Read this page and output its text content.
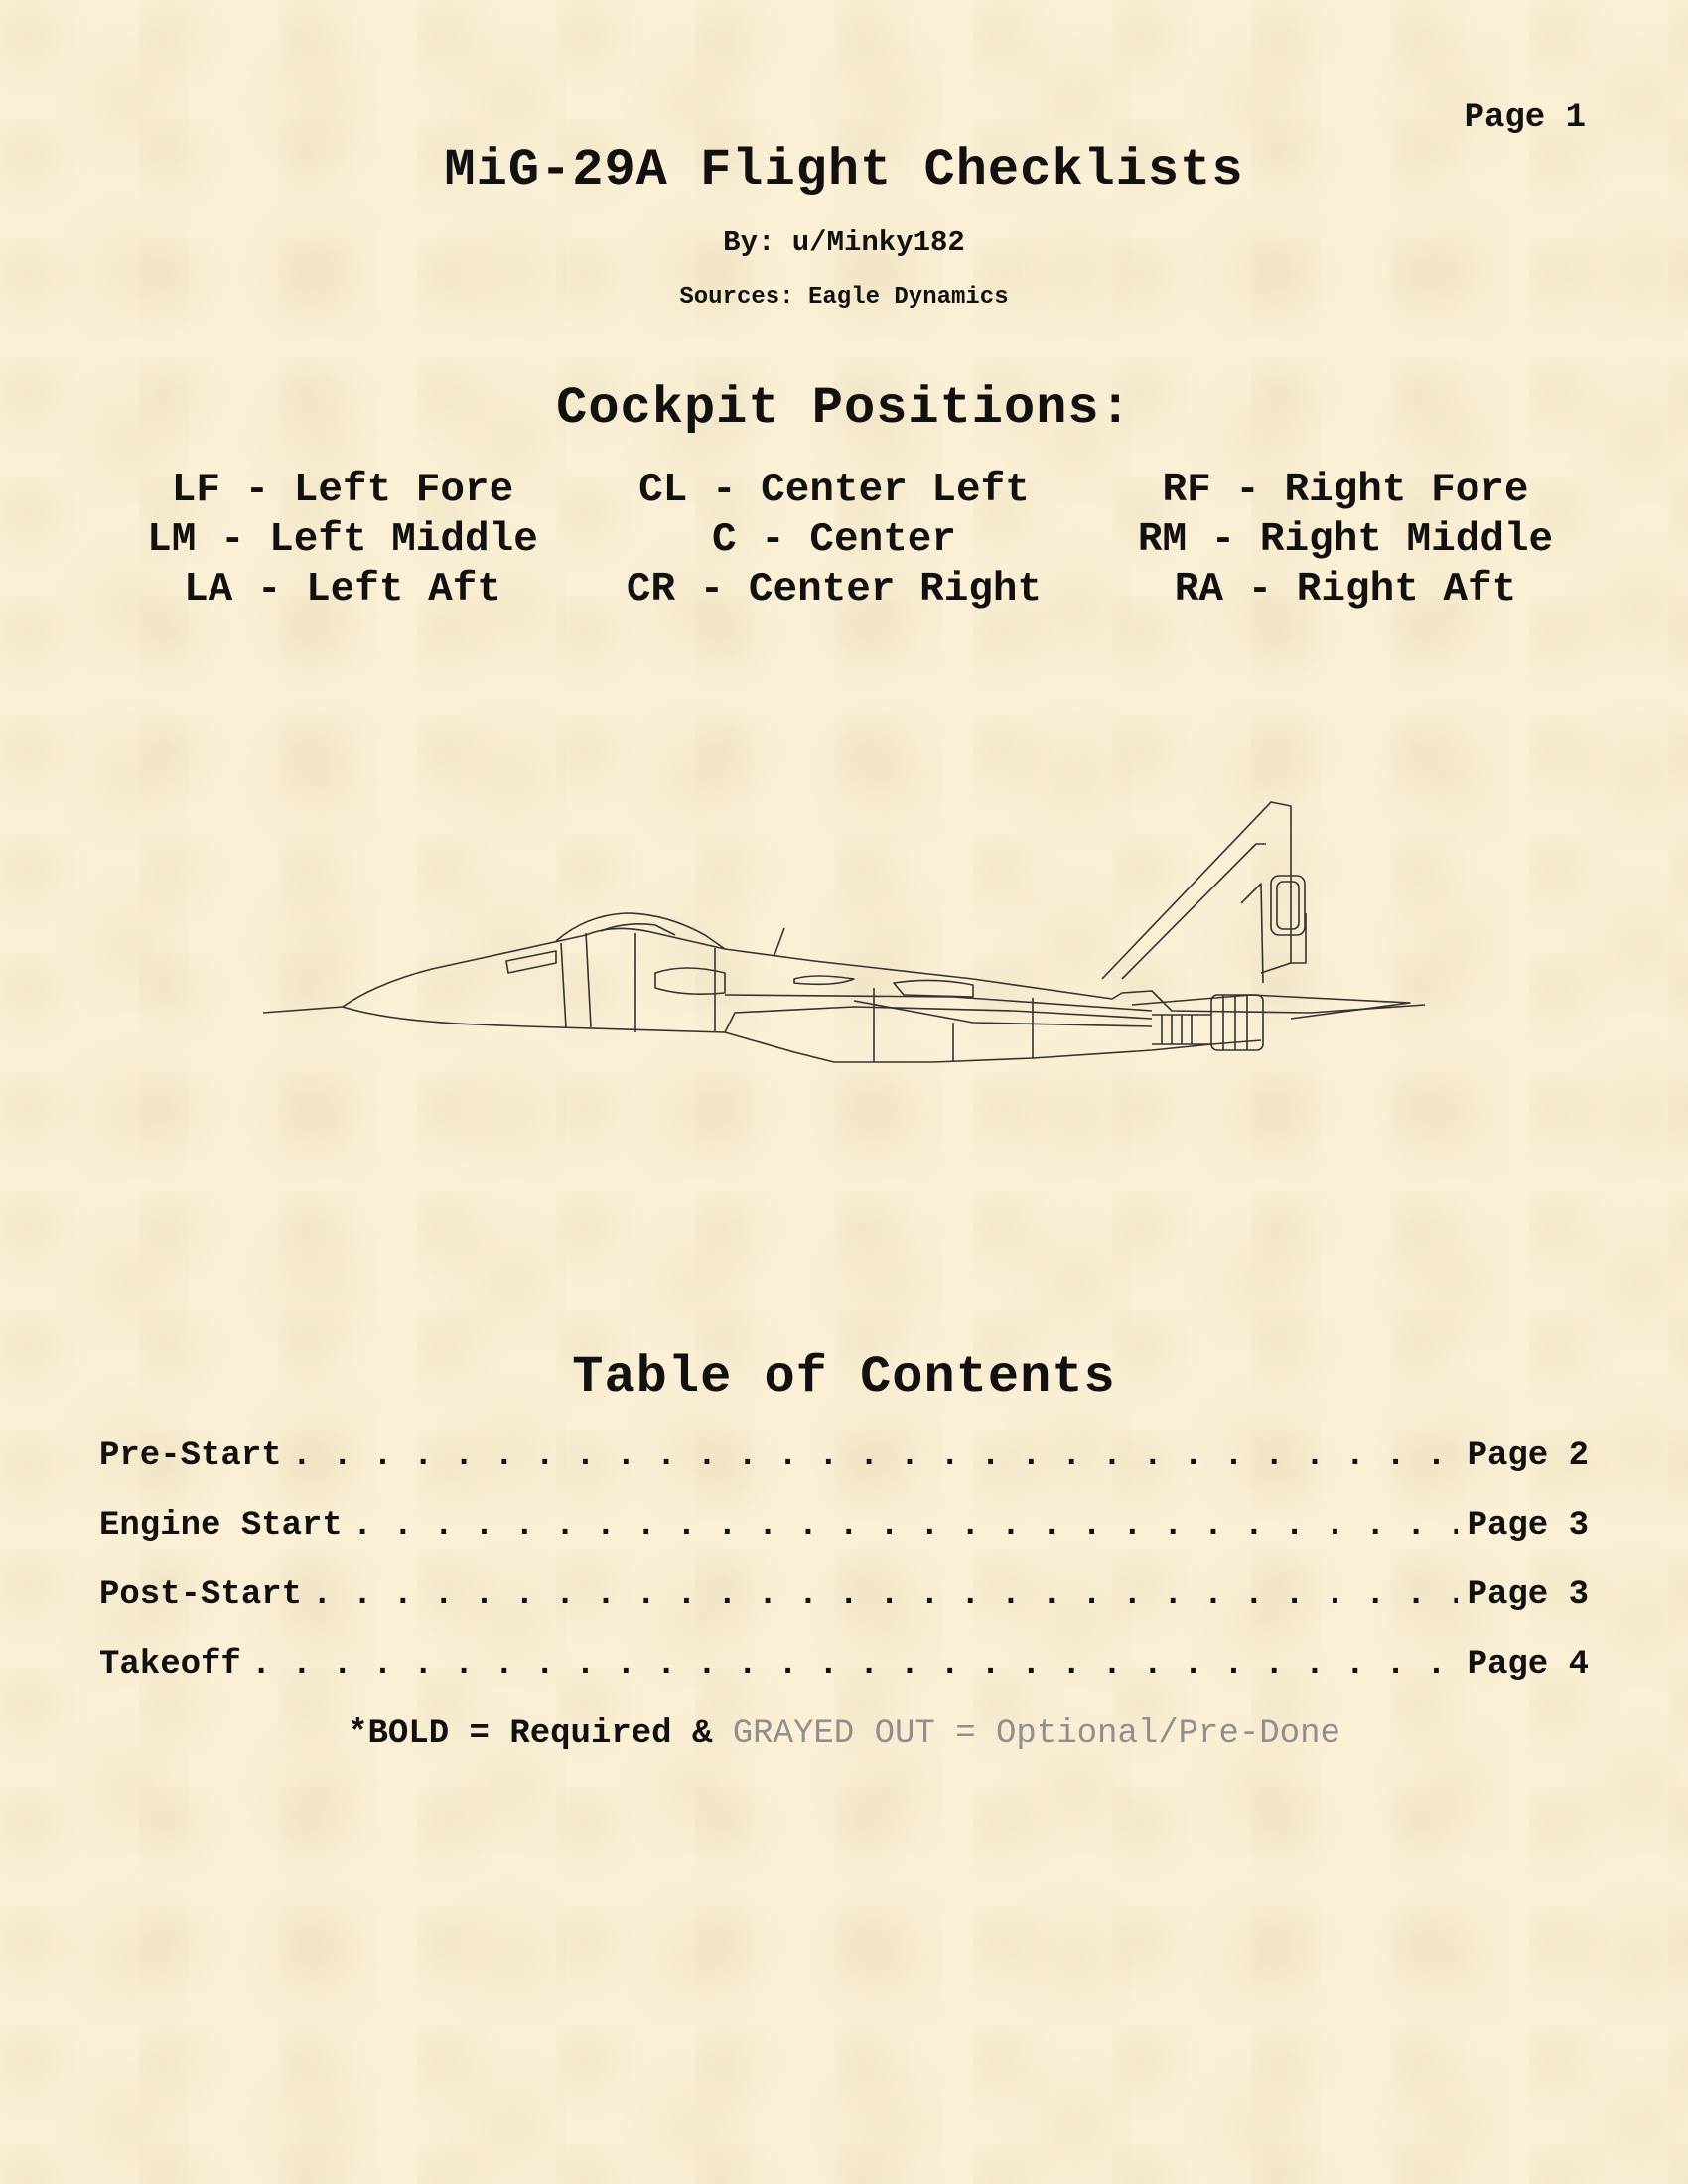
Page 1
MiG-29A Flight Checklists
By: u/Minky182
Sources: Eagle Dynamics
Cockpit Positions:
LF - Left Fore	CL - Center Left	RF - Right Fore
LM - Left Middle	C - Center	RM - Right Middle
LA - Left Aft	CR - Center Right	RA - Right Aft
Table of Contents
Pre-Start . . .	Page 2
Engine Start . . .	Page 3
Post-Start . . .	Page 3
Takeoff . . .	Page 4
*BOLD = Required & GRAYED OUT = Optional/Pre-Done
